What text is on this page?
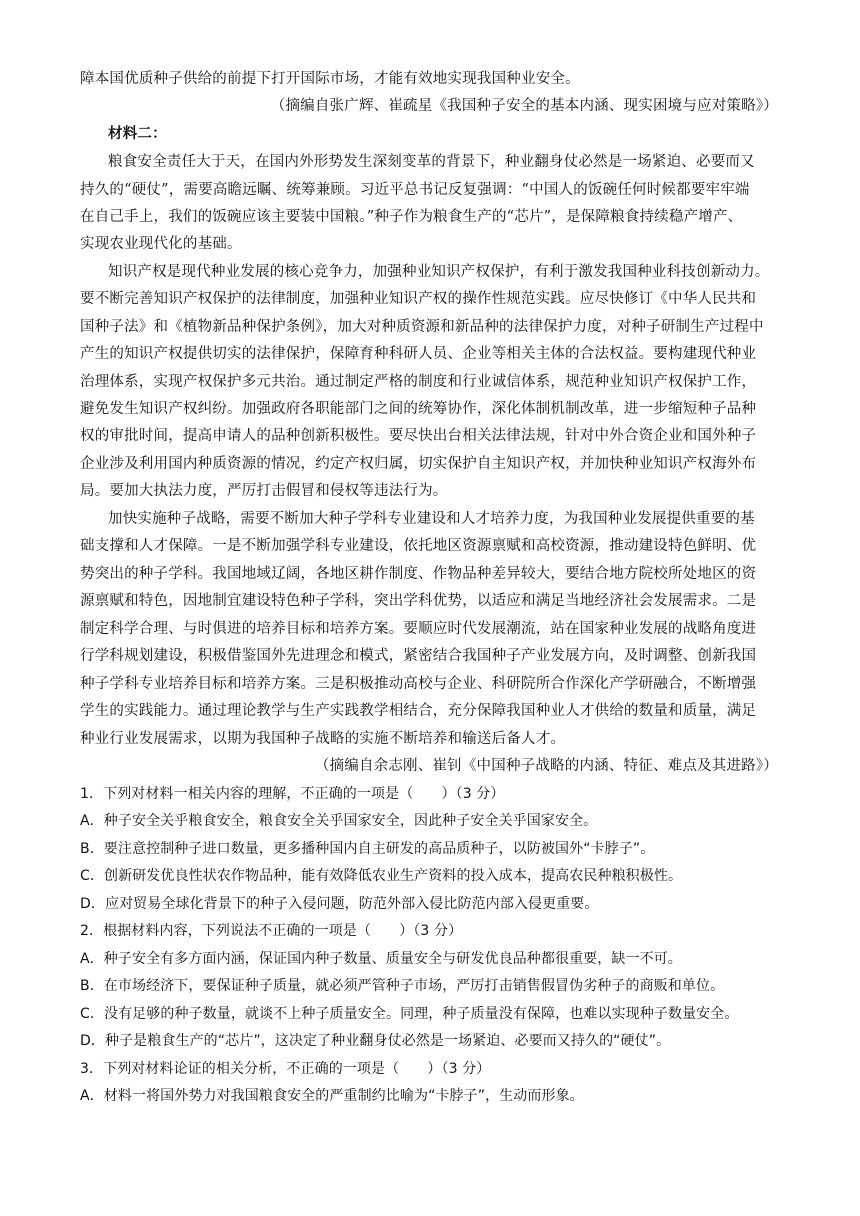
障本国优质种子供给的前提下打开国际市场，才能有效地实现我国种业安全。
（摘编自张广辉、崔疏星《我国种子安全的基本内涵、现实困境与应对策略》）
材料二：
粮食安全责任大于天，在国内外形势发生深刻变革的背景下，种业翻身仗必然是一场紧迫、必要而又
持久的“硬仗”，需要高瞻远瞩、统筹兼顾。习近平总书记反复强调：“中国人的饭碗任何时候都要牢牢端
在自己手上，我们的饭碗应该主要装中国粮。”种子作为粮食生产的“芯片”，是保障粮食持续稳产增产、
实现农业现代化的基础。
知识产权是现代种业发展的核心竞争力，加强种业知识产权保护，有利于激发我国种业科技创新动力。
要不断完善知识产权保护的法律制度，加强种业知识产权的操作性规范实践。应尽快修订《中华人民共和
国种子法》和《植物新品种保护条例》，加大对种质资源和新品种的法律保护力度，对种子研制生产过程中
产生的知识产权提供切实的法律保护，保障育种科研人员、企业等相关主体的合法权益。要构建现代种业
治理体系，实现产权保护多元共治。通过制定严格的制度和行业诚信体系，规范种业知识产权保护工作，
避免发生知识产权纠纷。加强政府各职能部门之间的统筹协作，深化体制机制改革，进一步缩短种子品种
权的审批时间，提高申请人的品种创新积极性。要尽快出台相关法律法规，针对中外合资企业和国外种子
企业涉及利用国内种质资源的情况，约定产权归属，切实保护自主知识产权，并加快种业知识产权海外布
局。要加大执法力度，严厉打击假冒和侵权等违法行为。
加快实施种子战略，需要不断加大种子学科专业建设和人才培养力度，为我国种业发展提供重要的基
础支撑和人才保障。一是不断加强学科专业建设，依托地区资源禀赋和高校资源，推动建设特色鲜明、优
势突出的种子学科。我国地域辽阔，各地区耕作制度、作物品种差异较大，要结合地方院校所处地区的资
源禀赋和特色，因地制宜建设特色种子学科，突出学科优势，以适应和满足当地经济社会发展需求。二是
制定科学合理、与时俱进的培养目标和培养方案。要顺应时代发展潮流，站在国家种业发展的战略角度进
行学科规划建设，积极借鉴国外先进理念和模式，紧密结合我国种子产业发展方向，及时调整、创新我国
种子学科专业培养目标和培养方案。三是积极推动高校与企业、科研院所合作深化产学研融合，不断增强
学生的实践能力。通过理论教学与生产实践教学相结合，充分保障我国种业人才供给的数量和质量，满足
种业行业发展需求，以期为我国种子战略的实施不断培养和输送后备人才。
（摘编自余志刚、崔钊《中国种子战略的内涵、特征、难点及其进路》）
1．下列对材料一相关内容的理解，不正确的一项是（　　）（3 分）
A．种子安全关乎粮食安全，粮食安全关乎国家安全，因此种子安全关乎国家安全。
B．要注意控制种子进口数量，更多播种国内自主研发的高品质种子，以防被国外“卡脖子”。
C．创新研发优良性状农作物品种，能有效降低农业生产资料的投入成本，提高农民种粮积极性。
D．应对贸易全球化背景下的种子入侵问题，防范外部入侵比防范内部入侵更重要。
2．根据材料内容，下列说法不正确的一项是（　　）（3 分）
A．种子安全有多方面内涵，保证国内种子数量、质量安全与研发优良品种都很重要，缺一不可。
B．在市场经济下，要保证种子质量，就必须严管种子市场，严厉打击销售假冒伪劣种子的商贩和单位。
C．没有足够的种子数量，就谈不上种子质量安全。同理，种子质量没有保障，也难以实现种子数量安全。
D．种子是粮食生产的“芯片”，这决定了种业翻身仗必然是一场紧迫、必要而又持久的“硬仗”。
3．下列对材料论证的相关分析，不正确的一项是（　　）（3 分）
A．材料一将国外势力对我国粮食安全的严重制约比喻为“卡脖子”，生动而形象。
